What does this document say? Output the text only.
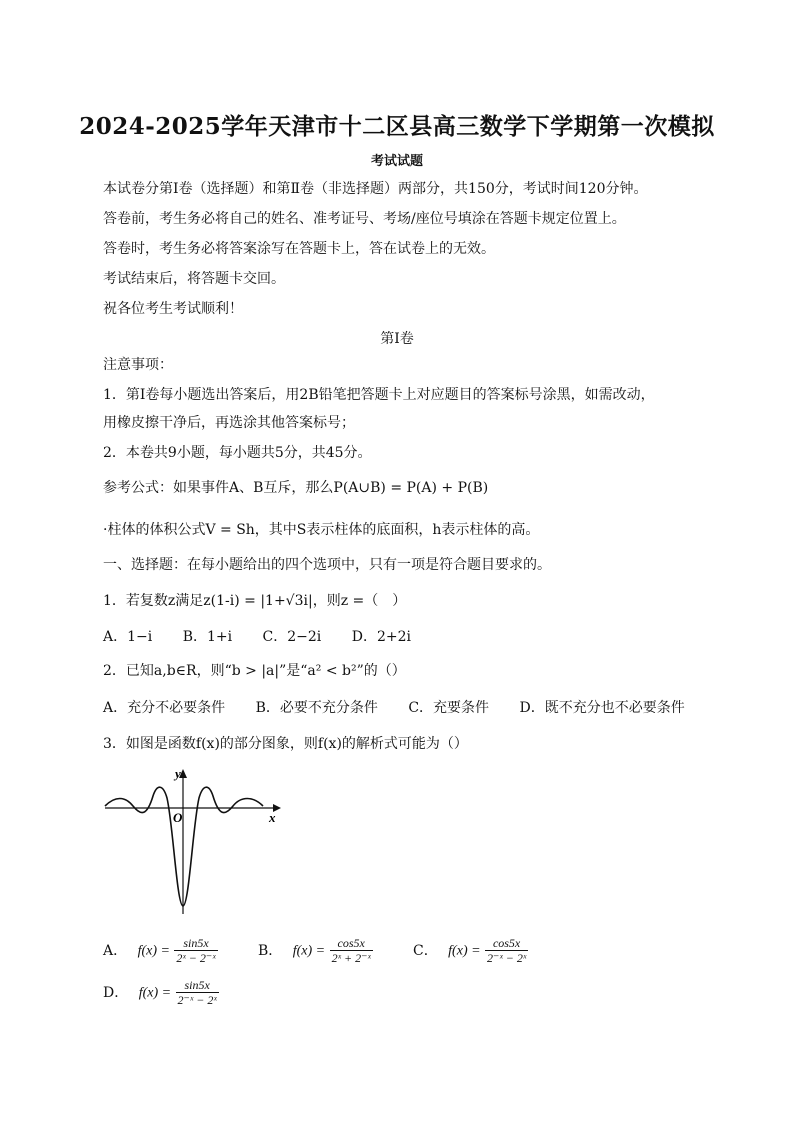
2024-2025学年天津市十二区县高三数学下学期第一次模拟
考试试题
本试卷分第Ⅰ卷（选择题）和第Ⅱ卷（非选择题）两部分，共150分，考试时间120分钟。
答卷前，考生务必将自己的姓名、准考证号、考场/座位号填涂在答题卡规定位置上。
答卷时，考生务必将答案涂写在答题卡上，答在试卷上的无效。
考试结束后，将答题卡交回。
祝各位考生考试顺利！
第Ⅰ卷
注意事项：
1．第Ⅰ卷每小题选出答案后，用2B铅笔把答题卡上对应题目的答案标号涂黑，如需改动，
用橡皮擦干净后，再选涂其他答案标号；
2．本卷共9小题，每小题共5分，共45分。
参考公式：如果事件A、B互斥，那么P(A∪B) = P(A) + P(B)
·柱体的体积公式V = Sh，其中S表示柱体的底面积，h表示柱体的高。
一、选择题：在每小题给出的四个选项中，只有一项是符合题目要求的。
1．若复数z满足z(1-i) = |1+√3i|，则z =（　）
A．1−i B．1+i C．2−2i D．2+2i
2．已知a,b∈R，则“b > |a|”是“a² < b²”的（）
A．充分不必要条件 B．必要不充分条件 C．充要条件 D．既不充分也不必要条件
3．如图是函数f(x)的部分图象，则f(x)的解析式可能为（）
y
x
O
A． $f(x) = \frac{\sin 5x}{\text{2ˣ − 2⁻ˣ}}$	B． $f(x) = \frac{\cos 5x}{\text{2ˣ + 2⁻ˣ}}$	C． $f(x) = \frac{\cos 5x}{\text{2⁻ˣ − 2ˣ}}$
D． $f(x) = \frac{\sin 5x}{\text{2⁻ˣ − 2ˣ}}$
